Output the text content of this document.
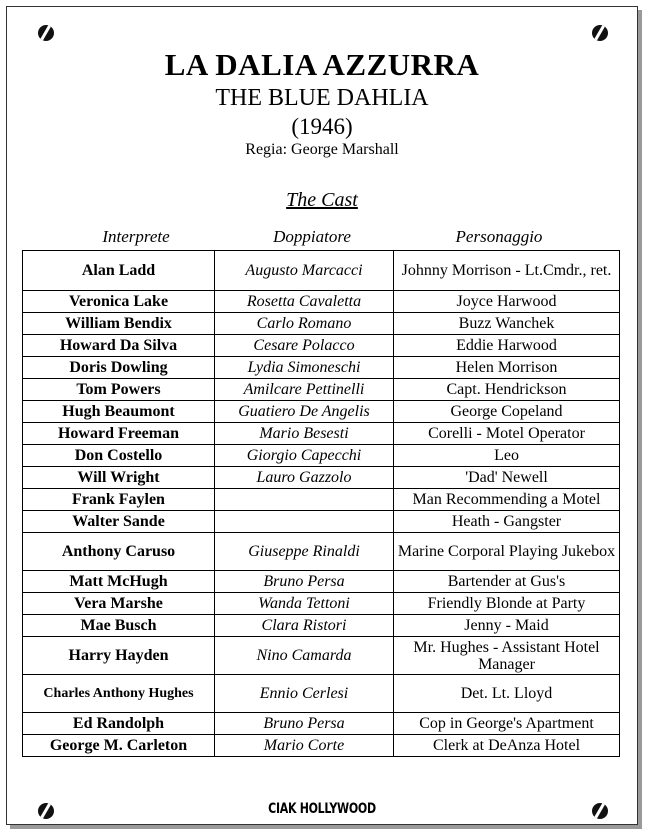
LA DALIA AZZURRA
THE BLUE DAHLIA
(1946)
Regia: George Marshall
The Cast
Interprete	Doppiatore	Personaggio
Alan Ladd	Augusto Marcacci	Johnny Morrison - Lt.Cmdr., ret.
Veronica Lake	Rosetta Cavaletta	Joyce Harwood
William Bendix	Carlo Romano	Buzz Wanchek
Howard Da Silva	Cesare Polacco	Eddie Harwood
Doris Dowling	Lydia Simoneschi	Helen Morrison
Tom Powers	Amilcare Pettinelli	Capt. Hendrickson
Hugh Beaumont	Guatiero De Angelis	George Copeland
Howard Freeman	Mario Besesti	Corelli - Motel Operator
Don Costello	Giorgio Capecchi	Leo
Will Wright	Lauro Gazzolo	'Dad' Newell
Frank Faylen		Man Recommending a Motel
Walter Sande		Heath - Gangster
Anthony Caruso	Giuseppe Rinaldi	Marine Corporal Playing Jukebox
Matt McHugh	Bruno Persa	Bartender at Gus's
Vera Marshe	Wanda Tettoni	Friendly Blonde at Party
Mae Busch	Clara Ristori	Jenny - Maid
Harry Hayden	Nino Camarda	Mr. Hughes - Assistant Hotel Manager
Charles Anthony Hughes	Ennio Cerlesi	Det. Lt. Lloyd
Ed Randolph	Bruno Persa	Cop in George's Apartment
George M. Carleton	Mario Corte	Clerk at DeAnza Hotel
CIAK HOLLYWOOD
